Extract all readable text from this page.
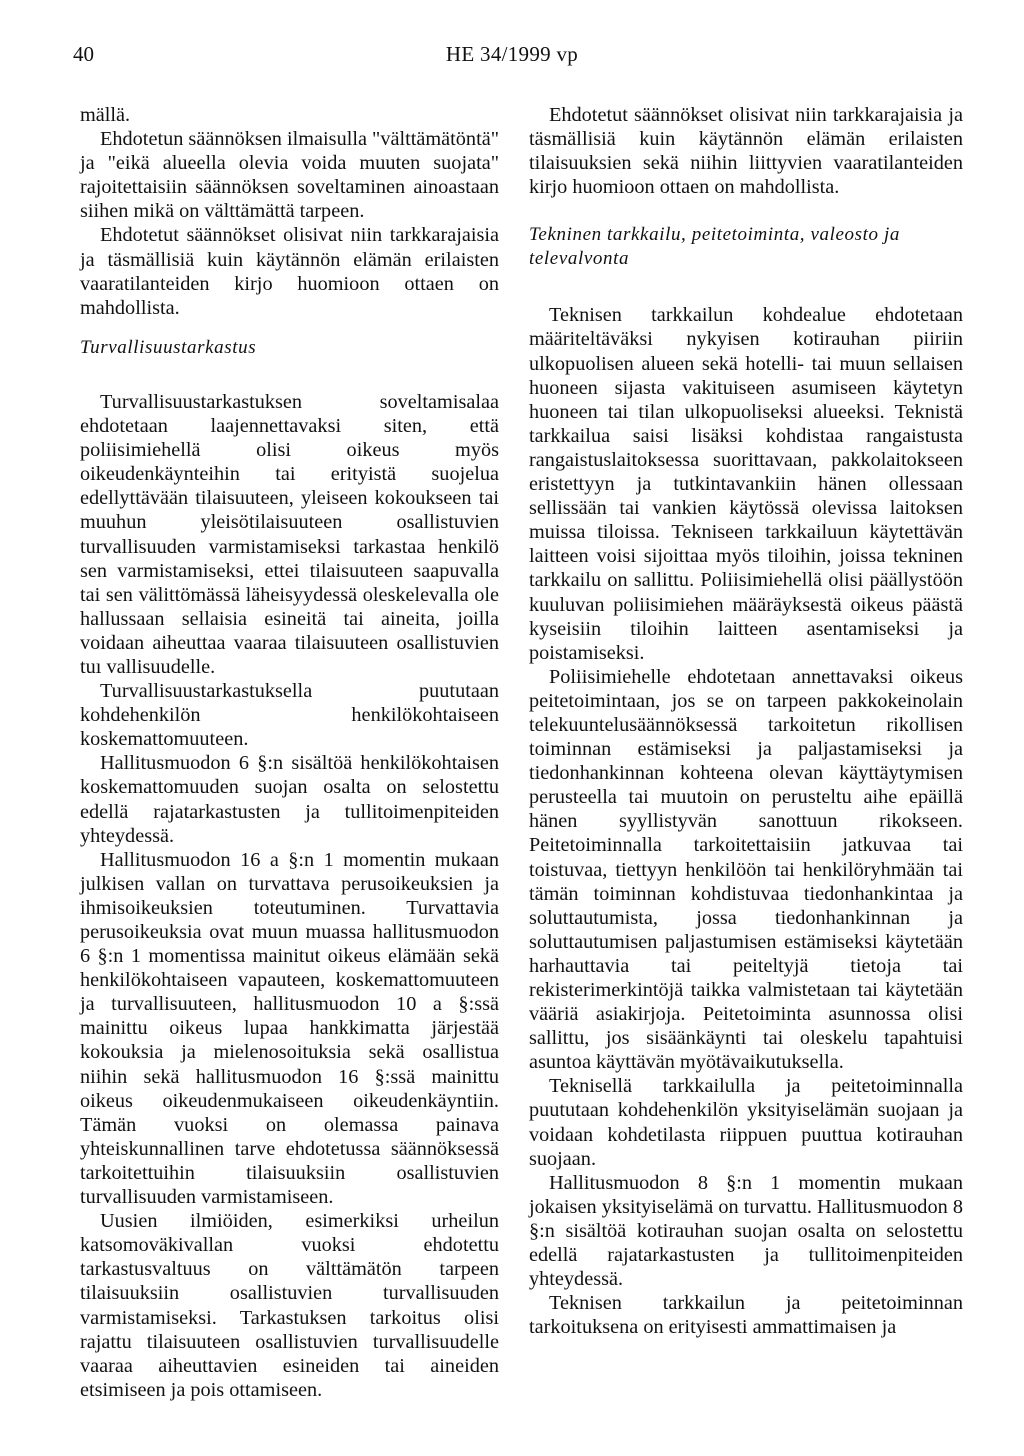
40	HE 34/1999 vp

mällä.

Ehdotetun säännöksen ilmaisulla "välttämätöntä" ja "eikä alueella olevia voida muuten suojata" rajoitettaisiin säännöksen soveltaminen ainoastaan siihen mikä on välttämättä tarpeen.

Ehdotetut säännökset olisivat niin tarkkarajaisia ja täsmällisiä kuin käytännön elämän erilaisten vaaratilanteiden kirjo huomioon ottaen on mahdollista.

Turvallisuustarkastus

Turvallisuustarkastuksen soveltamisalaa ehdotetaan laajennettavaksi siten, että poliisimiehellä olisi oikeus myös oikeudenkäynteihin tai erityistä suojelua edellyttävään tilaisuuteen, yleiseen kokoukseen tai muuhun yleisötilaisuuteen osallistuvien turvallisuuden varmistamiseksi tarkastaa henkilö sen varmistamiseksi, ettei tilaisuuteen saapuvalla tai sen välittömässä läheisyydessä oleskelevalla ole hallussaan sellaisia esineitä tai aineita, joilla voidaan aiheuttaa vaaraa tilaisuuteen osallistuvien tuı vallisuudelle.

Turvallisuustarkastuksella puututaan kohdehenkilön henkilökohtaiseen koskemattomuuteen.

Hallitusmuodon 6 §:n sisältöä henkilökohtaisen koskemattomuuden suojan osalta on selostettu edellä rajatarkastusten ja tullitoimenpiteiden yhteydessä.

Hallitusmuodon 16 a §:n 1 momentin mukaan julkisen vallan on turvattava perusoikeuksien ja ihmisoikeuksien toteutuminen. Turvattavia perusoikeuksia ovat muun muassa hallitusmuodon 6 §:n 1 momentissa mainitut oikeus elämään sekä henkilökohtaiseen vapauteen, koskemattomuuteen ja turvallisuuteen, hallitusmuodon 10 a §:ssä mainittu oikeus lupaa hankkimatta järjestää kokouksia ja mielenosoituksia sekä osallistua niihin sekä hallitusmuodon 16 §:ssä mainittu oikeus oikeudenmukaiseen oikeudenkäyntiin. Tämän vuoksi on olemassa painava yhteiskunnallinen tarve ehdotetussa säännöksessä tarkoitettuihin tilaisuuksiin osallistuvien turvallisuuden varmistamiseen.

Uusien ilmiöiden, esimerkiksi urheilun katsomoväkivallan vuoksi ehdotettu tarkastusvaltuus on välttämätön tarpeen tilaisuuksiin osallistuvien turvallisuuden varmistamiseksi. Tarkastuksen tarkoitus olisi rajattu tilaisuuteen osallistuvien turvallisuudelle vaaraa aiheuttavien esineiden tai aineiden etsimiseen ja pois ottamiseen.

Ehdotetut säännökset olisivat niin tarkkarajaisia ja täsmällisiä kuin käytännön elämän erilaisten tilaisuuksien sekä niihin liittyvien vaaratilanteiden kirjo huomioon ottaen on mahdollista.

Tekninen tarkkailu, peitetoiminta, valeosto ja televalvonta

Teknisen tarkkailun kohdealue ehdotetaan määriteltäväksi nykyisen kotirauhan piiriin ulkopuolisen alueen sekä hotelli- tai muun sellaisen huoneen sijasta vakituiseen asumiseen käytetyn huoneen tai tilan ulkopuoliseksi alueeksi. Teknistä tarkkailua saisi lisäksi kohdistaa rangaistusta rangaistuslaitoksessa suorittavaan, pakkolaitokseen eristettyyn ja tutkintavankiin hänen ollessaan sellissään tai vankien käytössä olevissa laitoksen muissa tiloissa. Tekniseen tarkkailuun käytettävän laitteen voisi sijoittaa myös tiloihin, joissa tekninen tarkkailu on sallittu. Poliisimiehellä olisi päällystöön kuuluvan poliisimiehen määräyksestä oikeus päästä kyseisiin tiloihin laitteen asentamiseksi ja poistamiseksi.

Poliisimiehelle ehdotetaan annettavaksi oikeus peitetoimintaan, jos se on tarpeen pakkokeinolain telekuuntelusäännöksessä tarkoitetun rikollisen toiminnan estämiseksi ja paljastamiseksi ja tiedonhankinnan kohteena olevan käyttäytymisen perusteella tai muutoin on perusteltu aihe epäillä hänen syyllistyvän sanottuun rikokseen. Peitetoiminnalla tarkoitettaisiin jatkuvaa tai toistuvaa, tiettyyn henkilöön tai henkilöryhmään tai tämän toiminnan kohdistuvaa tiedonhankintaa ja soluttautumista, jossa tiedonhankinnan ja soluttautumisen paljastumisen estämiseksi käytetään harhauttavia tai peiteltyjä tietoja tai rekisterimerkintöjä taikka valmistetaan tai käytetään vääriä asiakirjoja. Peitetoiminta asunnossa olisi sallittu, jos sisäänkäynti tai oleskelu tapahtuisi asuntoa käyttävän myötävaikutuksella.

Teknisellä tarkkailulla ja peitetoiminnalla puututaan kohdehenkilön yksityiselämän suojaan ja voidaan kohdetilasta riippuen puuttua kotirauhan suojaan.

Hallitusmuodon 8 §:n 1 momentin mukaan jokaisen yksityiselämä on turvattu. Hallitusmuodon 8 §:n sisältöä kotirauhan suojan osalta on selostettu edellä rajatarkastusten ja tullitoimenpiteiden yhteydessä.

Teknisen tarkkailun ja peitetoiminnan tarkoituksena on erityisesti ammattimaisen ja
